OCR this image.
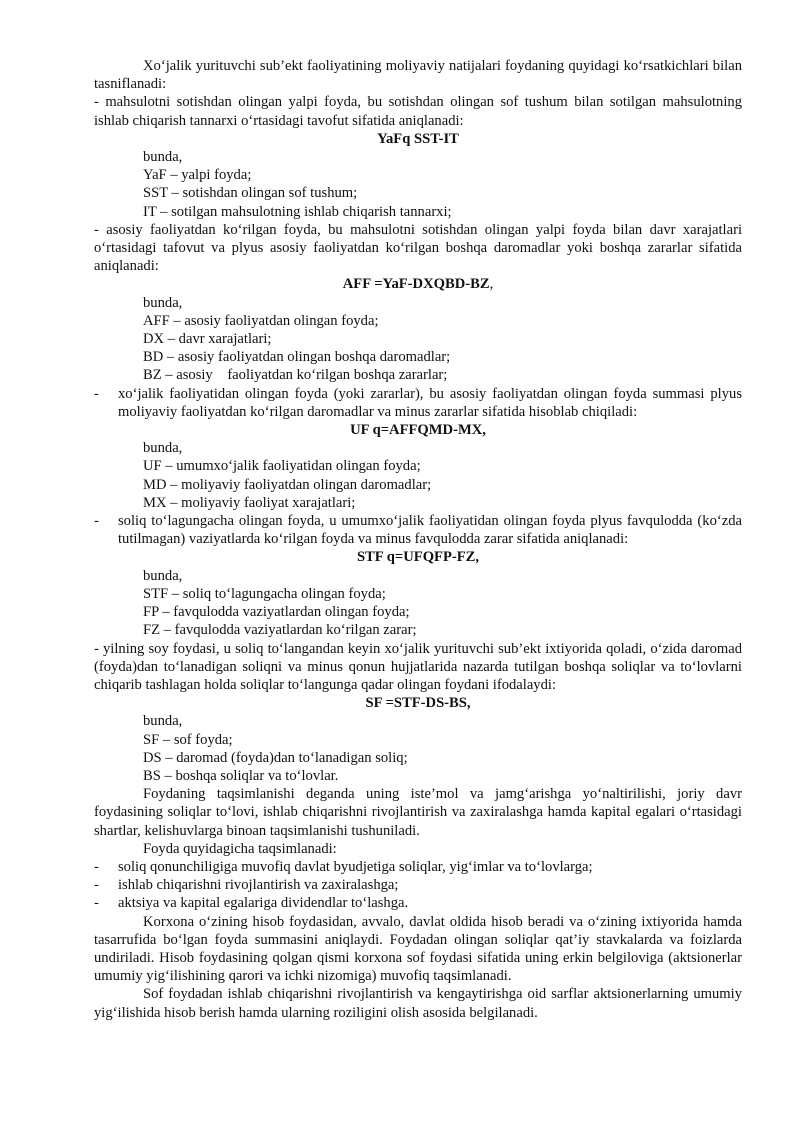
Xo‘jalik yurituvchi sub’ekt faoliyatining moliyaviy natijalari foydaning quyidagi ko‘rsatkichlari bilan tasniflanadi:
- mahsulotni sotishdan olingan yalpi foyda, bu sotishdan olingan sof tushum bilan sotilgan mahsulotning ishlab chiqarish tannarxi o‘rtasidagi tavofut sifatida aniqlanadi:
YaFq SST-IT
bunda,
YaF – yalpi foyda;
SST – sotishdan olingan sof tushum;
IT – sotilgan mahsulotning ishlab chiqarish tannarxi;
- asosiy faoliyatdan ko‘rilgan foyda, bu mahsulotni sotishdan olingan yalpi foyda bilan davr xarajatlari o‘rtasidagi tafovut va plyus asosiy faoliyatdan ko‘rilgan boshqa daromadlar yoki boshqa zararlar sifatida aniqlanadi:
AFF =YaF-DXQBD-BZ,
bunda,
AFF – asosiy faoliyatdan olingan foyda;
DX – davr xarajatlari;
BD – asosiy faoliyatdan olingan boshqa daromadlar;
BZ – asosiy    faoliyatdan ko‘rilgan boshqa zararlar;
-	xo‘jalik faoliyatidan olingan foyda (yoki zararlar), bu asosiy faoliyatdan olingan foyda summasi plyus moliyaviy faoliyatdan ko‘rilgan daromadlar va minus zararlar sifatida hisoblab chiqiladi:
UF q=AFFQMD-MX,
bunda,
UF – umumxo‘jalik faoliyatidan olingan foyda;
MD – moliyaviy faoliyatdan olingan daromadlar;
MX – moliyaviy faoliyat xarajatlari;
-	soliq to‘lagungacha olingan foyda, u umumxo‘jalik faoliyatidan olingan foyda plyus favqulodda (ko‘zda tutilmagan) vaziyatlarda ko‘rilgan foyda va minus favqulodda zarar sifatida aniqlanadi:
STF q=UFQFP-FZ,
bunda,
STF – soliq to‘lagungacha olingan foyda;
FP – favqulodda vaziyatlardan olingan foyda;
FZ – favqulodda vaziyatlardan ko‘rilgan zarar;
- yilning soy foydasi, u soliq to‘langandan keyin xo‘jalik yurituvchi sub’ekt ixtiyorida qoladi, o‘zida daromad (foyda)dan to‘lanadigan soliqni va minus qonun hujjatlarida nazarda tutilgan boshqa soliqlar va to‘lovlarni chiqarib tashlagan holda soliqlar to‘langunga qadar olingan foydani ifodalaydi:
SF =STF-DS-BS,
bunda,
SF – sof foyda;
DS – daromad (foyda)dan to‘lanadigan soliq;
BS – boshqa soliqlar va to‘lovlar.
Foydaning taqsimlanishi deganda uning iste’mol va jamg‘arishga yo‘naltirilishi, joriy davr foydasining soliqlar to‘lovi, ishlab chiqarishni rivojlantirish va zaxiralashga hamda kapital egalari o‘rtasidagi shartlar, kelishuvlarga binoan taqsimlanishi tushuniladi.
Foyda quyidagicha taqsimlanadi:
-	soliq qonunchiligiga muvofiq davlat byudjetiga soliqlar, yig‘imlar va to‘lovlarga;
-	ishlab chiqarishni rivojlantirish va zaxiralashga;
-	aktsiya va kapital egalariga dividendlar to‘lashga.
Korxona o‘zining hisob foydasidan, avvalo, davlat oldida hisob beradi va o‘zining ixtiyorida hamda tasarrufida bo‘lgan foyda summasini aniqlaydi. Foydadan olingan soliqlar qat’iy stavkalarda va foizlarda undiriladi. Hisob foydasining qolgan qismi korxona sof foydasi sifatida uning erkin belgiloviga (aktsionerlar umumiy yig‘ilishining qarori va ichki nizomiga) muvofiq taqsimlanadi.
Sof foydadan ishlab chiqarishni rivojlantirish va kengaytirishga oid sarflar aktsionerlarning umumiy yig‘ilishida hisob berish hamda ularning roziligini olish asosida belgilanadi.
